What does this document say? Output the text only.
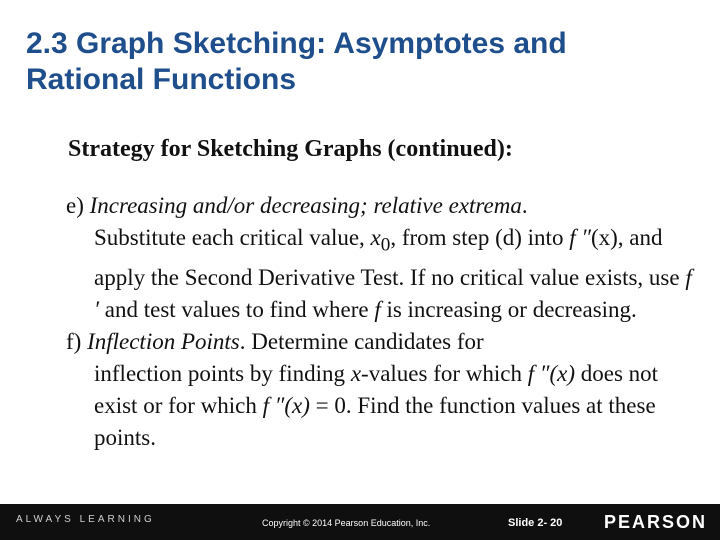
2.3 Graph Sketching: Asymptotes and Rational Functions

Strategy for Sketching Graphs (continued):

e) Increasing and/or decreasing; relative extrema.

Substitute each critical value, $x_0$, from step (d) into f ″(x), and apply the Second Derivative Test. If no critical value exists, use f ′ and test values to find where f is increasing or decreasing.
f) Inflection Points. Determine candidates for

inflection points by finding x-values for which f ″(x) does not exist or for which f ″(x) = 0. Find the function values at these points.
ALWAYS LEARNING	Copyright © 2014 Pearson Education, Inc.	Slide 2- 20 PEARSON
